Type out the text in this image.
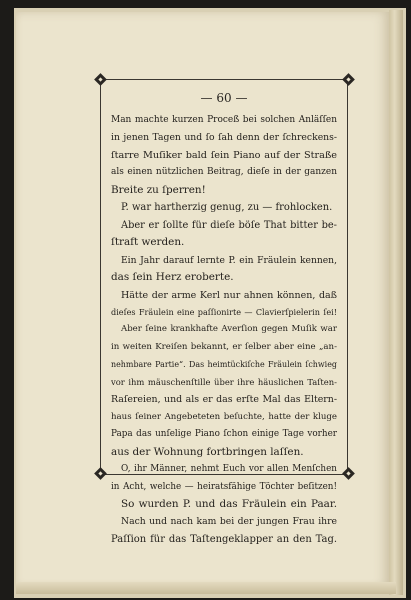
— 60 —
Man machte kurzen Proceß bei solchen Anläſſen
in jenen Tagen und ſo ſah denn der ſchreckens-
ſtarre Muſiker bald ſein Piano auf der Straße
als einen nützlichen Beitrag, dieſe in der ganzen
Breite zu ſperren!
P. war hartherzig genug, zu — frohlocken.
Aber er ſollte für dieſe böſe That bitter be-
ſtraft werden.
Ein Jahr darauf lernte P. ein Fräulein kennen,
das ſein Herz eroberte.
Hätte der arme Kerl nur ahnen können, daß
dieſes Fräulein eine paſſionirte — Clavierſpielerin ſei!
Aber ſeine krankhafte Averſion gegen Muſik war
in weiten Kreiſen bekannt, er ſelber aber eine „an-
nehmbare Partie“. Das heimtückiſche Fräulein ſchwieg
vor ihm mäuschenſtille über ihre häuslichen Taſten-
Raſereien, und als er das erſte Mal das Eltern-
haus ſeiner Angebeteten beſuchte, hatte der kluge
Papa das unſelige Piano ſchon einige Tage vorher
aus der Wohnung fortbringen laſſen.
O, ihr Männer, nehmt Euch vor allen Menſchen
in Acht, welche — heiratsfähige Töchter beſitzen!
So wurden P. und das Fräulein ein Paar.
Nach und nach kam bei der jungen Frau ihre
Paſſion für das Taſtengeklapper an den Tag.
